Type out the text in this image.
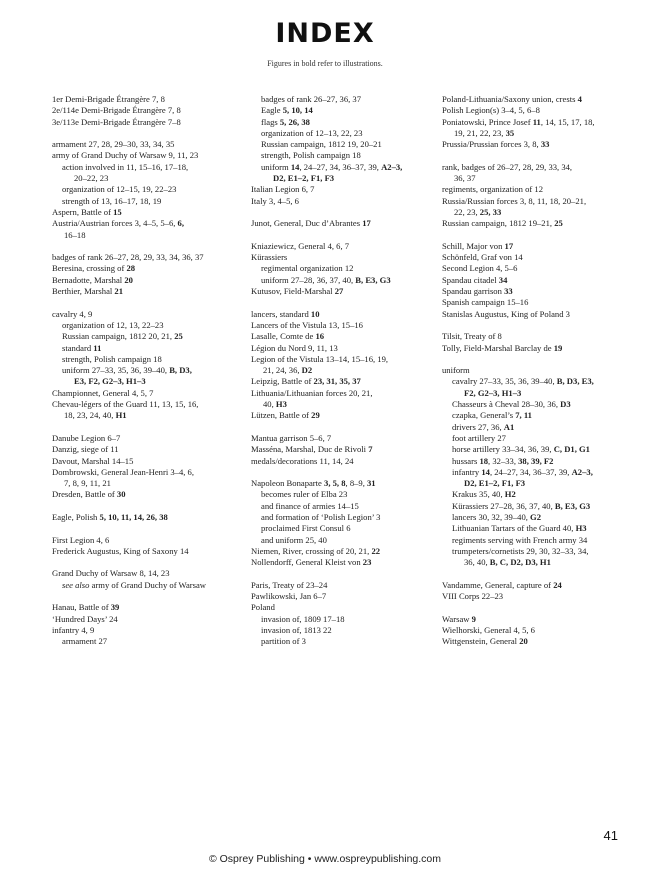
INDEX
Figures in bold refer to illustrations.
1er Demi-Brigade Étrangère 7, 8
2e/114e Demi-Brigade Étrangère 7, 8
3e/113e Demi-Brigade Étrangère 7–8
armament 27, 28, 29–30, 33, 34, 35
army of Grand Duchy of Warsaw 9, 11, 23
action involved in 11, 15–16, 17–18,
20–22, 23
organization of 12–15, 19, 22–23
strength of 13, 16–17, 18, 19
Aspern, Battle of 15
Austria/Austrian forces 3, 4–5, 5–6, 6,
16–18
badges of rank 26–27, 28, 29, 33, 34, 36, 37
Beresina, crossing of 28
Bernadotte, Marshal 20
Berthier, Marshal 21
cavalry 4, 9
organization of 12, 13, 22–23
Russian campaign, 1812 20, 21, 25
standard 11
strength, Polish campaign 18
uniform 27–33, 35, 36, 39–40, B, D3,
E3, F2, G2–3, H1–3
Championnet, General 4, 5, 7
Chevau-légers of the Guard 11, 13, 15, 16,
18, 23, 24, 40, H1
Danube Legion 6–7
Danzig, siege of 11
Davout, Marshal 14–15
Dombrowski, General Jean-Henri 3–4, 6,
7, 8, 9, 11, 21
Dresden, Battle of 30
Eagle, Polish 5, 10, 11, 14, 26, 38
First Legion 4, 6
Frederick Augustus, King of Saxony 14
Grand Duchy of Warsaw 8, 14, 23
see also army of Grand Duchy of Warsaw
Hanau, Battle of 39
‘Hundred Days’ 24
infantry 4, 9
armament 27
badges of rank 26–27, 36, 37
Eagle 5, 10, 14
flags 5, 26, 38
organization of 12–13, 22, 23
Russian campaign, 1812 19, 20–21
strength, Polish campaign 18
uniform 14, 24–27, 34, 36–37, 39, A2–3,
D2, E1–2, F1, F3
Italian Legion 6, 7
Italy 3, 4–5, 6
Junot, General, Duc d’Abrantes 17
Kniaziewicz, General 4, 6, 7
Kürassiers
regimental organization 12
uniform 27–28, 36, 37, 40, B, E3, G3
Kutusov, Field-Marshal 27
lancers, standard 10
Lancers of the Vistula 13, 15–16
Lasalle, Comte de 16
Légion du Nord 9, 11, 13
Legion of the Vistula 13–14, 15–16, 19,
21, 24, 36, D2
Leipzig, Battle of 23, 31, 35, 37
Lithuania/Lithuanian forces 20, 21,
40, H3
Lützen, Battle of 29
Mantua garrison 5–6, 7
Masséna, Marshal, Duc de Rivoli 7
medals/decorations 11, 14, 24
Napoleon Bonaparte 3, 5, 8, 8–9, 31
becomes ruler of Elba 23
and finance of armies 14–15
and formation of ‘Polish Legion’ 3
proclaimed First Consul 6
and uniform 25, 40
Niemen, River, crossing of 20, 21, 22
Nollendorff, General Kleist von 23
Paris, Treaty of 23–24
Pawlikowski, Jan 6–7
Poland
invasion of, 1809 17–18
invasion of, 1813 22
partition of 3
Poland-Lithuania/Saxony union, crests 4
Polish Legion(s) 3–4, 5, 6–8
Poniatowski, Prince Josef 11, 14, 15, 17, 18,
19, 21, 22, 23, 35
Prussia/Prussian forces 3, 8, 33
rank, badges of 26–27, 28, 29, 33, 34,
36, 37
regiments, organization of 12
Russia/Russian forces 3, 8, 11, 18, 20–21,
22, 23, 25, 33
Russian campaign, 1812 19–21, 25
Schill, Major von 17
Schönfeld, Graf von 14
Second Legion 4, 5–6
Spandau citadel 34
Spandau garrison 33
Spanish campaign 15–16
Stanislas Augustus, King of Poland 3
Tilsit, Treaty of 8
Tolly, Field-Marshal Barclay de 19
uniform
cavalry 27–33, 35, 36, 39–40, B, D3, E3,
F2, G2–3, H1–3
Chasseurs à Cheval 28–30, 36, D3
czapka, General’s 7, 11
drivers 27, 36, A1
foot artillery 27
horse artillery 33–34, 36, 39, C, D1, G1
hussars 18, 32–33, 38, 39, F2
infantry 14, 24–27, 34, 36–37, 39, A2–3,
D2, E1–2, F1, F3
Krakus 35, 40, H2
Kürassiers 27–28, 36, 37, 40, B, E3, G3
lancers 30, 32, 39–40, G2
Lithuanian Tartars of the Guard 40, H3
regiments serving with French army 34
trumpeters/cornetists 29, 30, 32–33, 34,
36, 40, B, C, D2, D3, H1
Vandamme, General, capture of 24
VIII Corps 22–23
Warsaw 9
Wielhorski, General 4, 5, 6
Wittgenstein, General 20
41
© Osprey Publishing • www.ospreypublishing.com
